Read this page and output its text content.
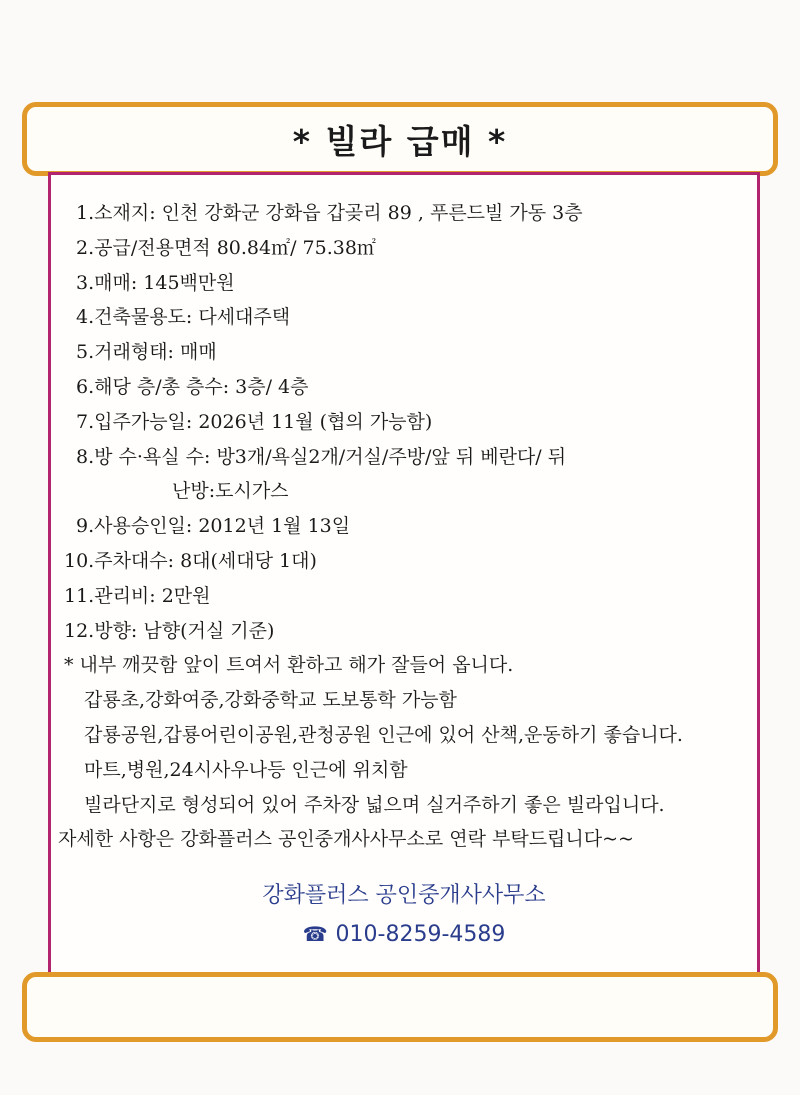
* 빌라 급매 *
1.소재지: 인천 강화군 강화읍 갑곶리 89 , 푸른드빌 가동 3층
2.공급/전용면적 80.84㎡/ 75.38㎡
3.매매: 145백만원
4.건축물용도: 다세대주택
5.거래형태: 매매
6.해당 층/총 층수: 3층/ 4층
7.입주가능일: 2026년 11월 (협의 가능함)
8.방 수·욕실 수: 방3개/욕실2개/거실/주방/앞 뒤 베란다/ 뒤
난방:도시가스
9.사용승인일: 2012년 1월 13일
10.주차대수: 8대(세대당 1대)
11.관리비: 2만원
12.방향: 남향(거실 기준)
* 내부 깨끗함 앞이 트여서 환하고 해가 잘들어 옵니다.
갑룡초,강화여중,강화중학교 도보통학 가능함
갑룡공원,갑룡어린이공원,관청공원 인근에 있어 산책,운동하기 좋습니다.
마트,병원,24시사우나등 인근에 위치함
빌라단지로 형성되어 있어 주차장 넓으며 실거주하기 좋은 빌라입니다.
자세한 사항은 강화플러스 공인중개사사무소로 연락 부탁드립니다~~
강화플러스 공인중개사사무소
☎ 010-8259-4589
